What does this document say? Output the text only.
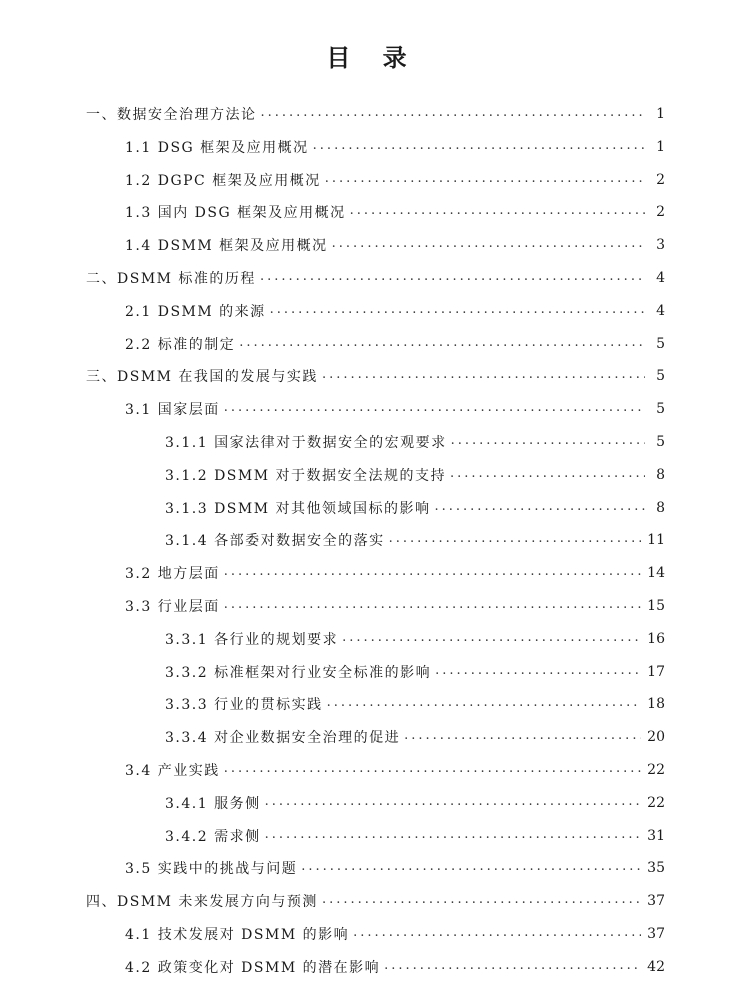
目 录
一、数据安全治理方法论 .....	1
1.1 DSG 框架及应用概况 .....	1
1.2 DGPC 框架及应用概况 .....	2
1.3 国内 DSG 框架及应用概况 .....	2
1.4 DSMM 框架及应用概况 .....	3
二、DSMM 标准的历程 .....	4
2.1 DSMM 的来源 .....	4
2.2 标准的制定 .....	5
三、DSMM 在我国的发展与实践 .....	5
3.1 国家层面 .....	5
3.1.1 国家法律对于数据安全的宏观要求 .....	5
3.1.2 DSMM 对于数据安全法规的支持 .....	8
3.1.3 DSMM 对其他领域国标的影响 .....	8
3.1.4 各部委对数据安全的落实 .....	11
3.2 地方层面 .....	14
3.3 行业层面 .....	15
3.3.1 各行业的规划要求 .....	16
3.3.2 标准框架对行业安全标准的影响 .....	17
3.3.3 行业的贯标实践 .....	18
3.3.4 对企业数据安全治理的促进 .....	20
3.4 产业实践 .....	22
3.4.1 服务侧 .....	22
3.4.2 需求侧 .....	31
3.5 实践中的挑战与问题 .....	35
四、DSMM 未来发展方向与预测 .....	37
4.1 技术发展对 DSMM 的影响 .....	37
4.2 政策变化对 DSMM 的潜在影响 .....	42
